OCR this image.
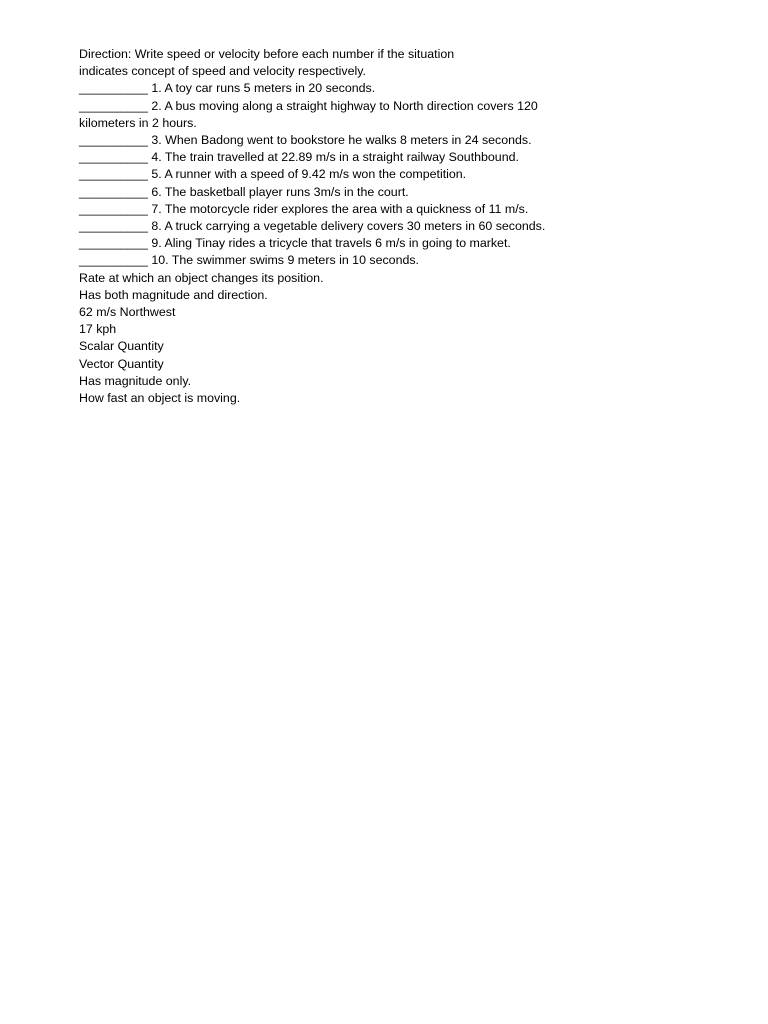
Direction: Write speed or velocity before each number if the situation
indicates concept of speed and velocity respectively.
__________ 1. A toy car runs 5 meters in 20 seconds.
__________ 2. A bus moving along a straight highway to North direction covers 120
kilometers in 2 hours.
__________ 3. When Badong went to bookstore he walks 8 meters in 24 seconds.
__________ 4. The train travelled at 22.89 m/s in a straight railway Southbound.
__________ 5. A runner with a speed of 9.42 m/s won the competition.
__________ 6. The basketball player runs 3m/s in the court.
__________ 7. The motorcycle rider explores the area with a quickness of 11 m/s.
__________ 8. A truck carrying a vegetable delivery covers 30 meters in 60 seconds.
__________ 9. Aling Tinay rides a tricycle that travels 6 m/s in going to market.
__________ 10. The swimmer swims 9 meters in 10 seconds.
Rate at which an object changes its position.
Has both magnitude and direction.
62 m/s Northwest
17 kph
Scalar Quantity
Vector Quantity
Has magnitude only.
How fast an object is moving.
